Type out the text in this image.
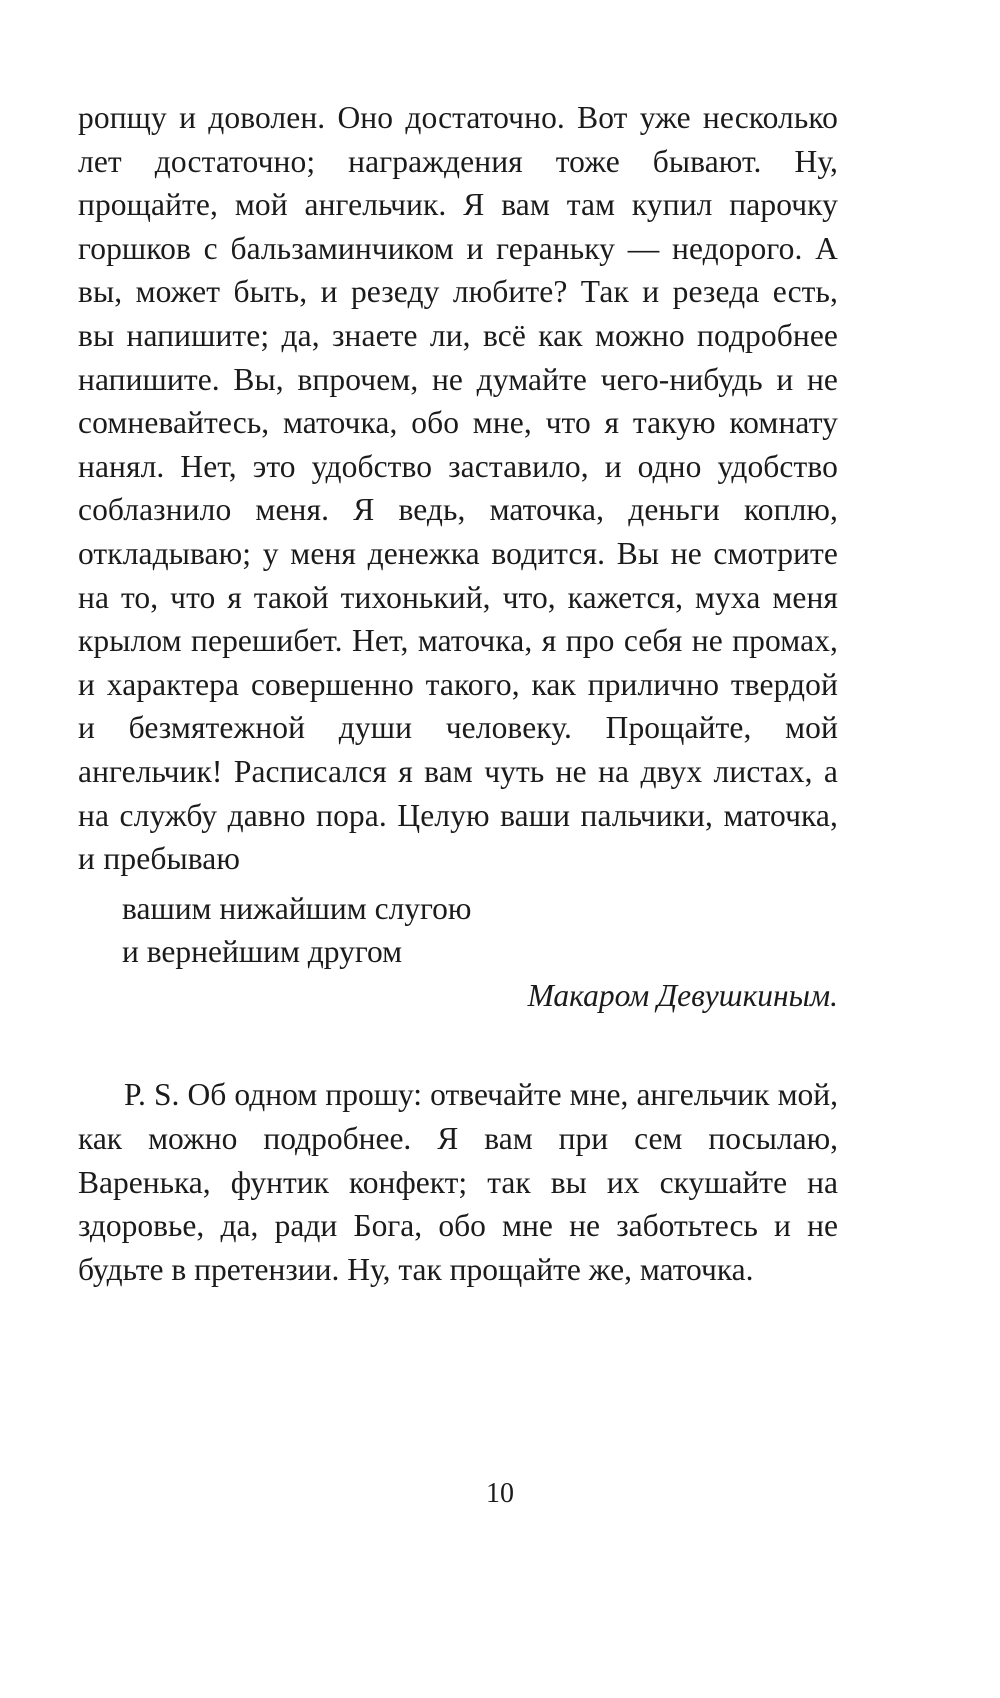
ропщу и доволен. Оно достаточно. Вот уже несколько лет достаточно; награждения тоже бывают. Ну, прощайте, мой ангельчик. Я вам там купил парочку горшков с бальзаминчиком и гераньку — недорого. А вы, может быть, и резеду любите? Так и резеда есть, вы напишите; да, знаете ли, всё как можно подробнее напишите. Вы, впрочем, не думайте чего-нибудь и не сомневайтесь, маточка, обо мне, что я такую комнату нанял. Нет, это удобство заставило, и одно удобство соблазнило меня. Я ведь, маточка, деньги коплю, откладываю; у меня денежка водится. Вы не смотрите на то, что я такой тихонький, что, кажется, муха меня крылом перешибет. Нет, маточка, я про себя не промах, и характера совершенно такого, как прилично твердой и безмятежной души человеку. Прощайте, мой ангельчик! Расписался я вам чуть не на двух листах, а на службу давно пора. Целую ваши пальчики, маточка, и пребываю

вашим нижайшим слугою

и вернейшим другом

Макаром Девушкиным.

P. S. Об одном прошу: отвечайте мне, ангельчик мой, как можно подробнее. Я вам при сем посылаю, Варенька, фунтик конфект; так вы их скушайте на здоровье, да, ради Бога, обо мне не заботьтесь и не будьте в претензии. Ну, так прощайте же, маточка.

10
